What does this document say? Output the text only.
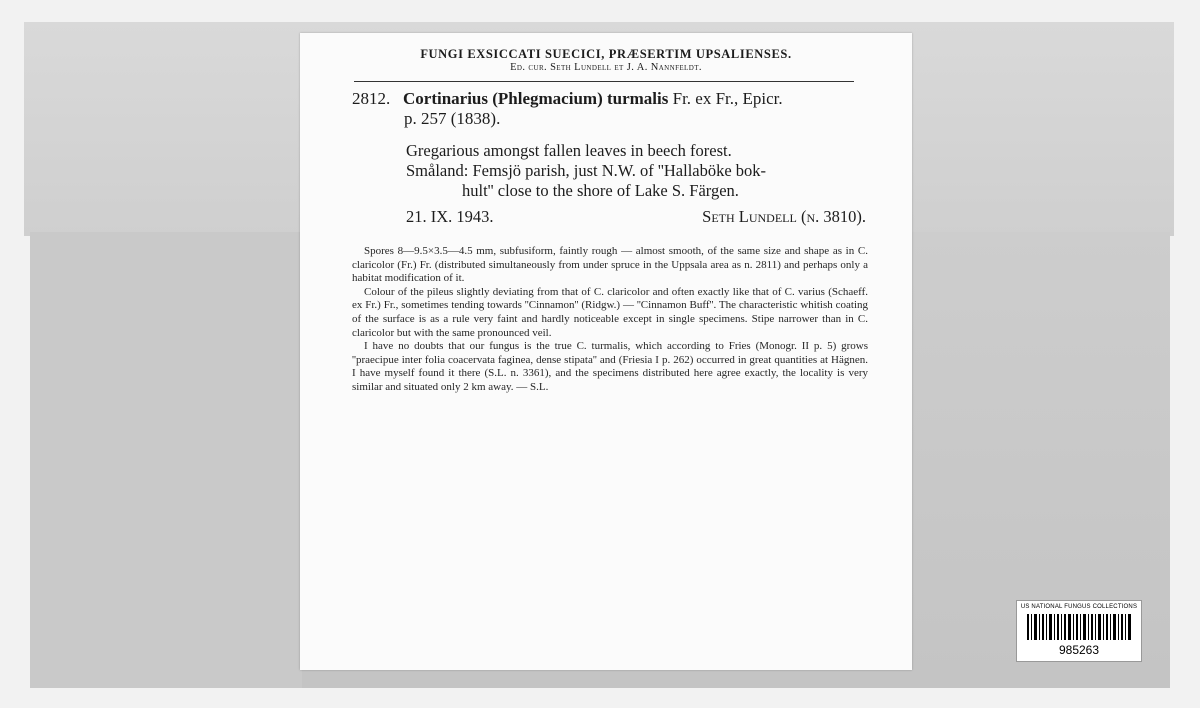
FUNGI EXSICCATI SUECICI, PRÆSERTIM UPSALIENSES.
Ed. cur. Seth Lundell et J. A. Nannfeldt.
2812. Cortinarius (Phlegmacium) turmalis Fr. ex Fr., Epicr.
p. 257 (1838).
Gregarious amongst fallen leaves in beech forest.
Småland: Femsjö parish, just N.W. of ''Hallaböke bok-
hult'' close to the shore of Lake S. Färgen.
21. IX. 1943.	Seth Lundell (n. 3810).

Spores 8—9.5×3.5—4.5 mm, subfusiform, faintly rough — almost smooth, of the same size and shape as in C. claricolor (Fr.) Fr. (distributed simultaneously from under spruce in the Uppsala area as n. 2811) and perhaps only a habitat modification of it.

Colour of the pileus slightly deviating from that of C. claricolor and often exactly like that of C. varius (Schaeff. ex Fr.) Fr., sometimes tending towards ''Cinnamon'' (Ridgw.) — ''Cinnamon Buff''. The characteristic whitish coating of the surface is as a rule very faint and hardly noticeable except in single specimens. Stipe narrower than in C. claricolor but with the same pronounced veil.

I have no doubts that our fungus is the true C. turmalis, which according to Fries (Monogr. II p. 5) grows ''praecipue inter folia coacervata faginea, dense stipata'' and (Friesia I p. 262) occurred in great quantities at Hägnen. I have myself found it there (S.L. n. 3361), and the specimens distributed here agree exactly, the locality is very similar and situated only 2 km away. — S.L.

US NATIONAL FUNGUS COLLECTIONS
985263
